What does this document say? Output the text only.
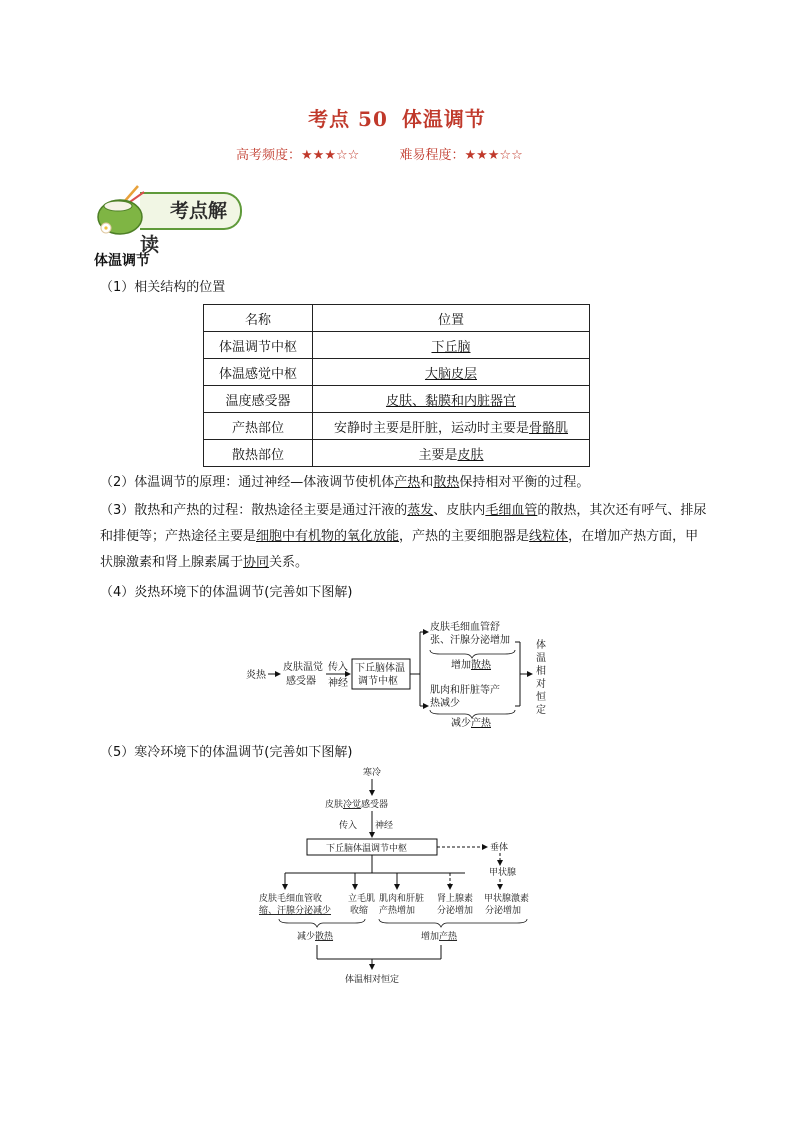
考点 50 体温调节
高考频度：★★★☆☆	难易程度：★★★☆☆
考点解读
体温调节
（1）相关结构的位置
名称	位置
体温调节中枢	下丘脑
体温感觉中枢	大脑皮层
温度感受器	皮肤、黏膜和内脏器官
产热部位	安静时主要是肝脏，运动时主要是骨骼肌
散热部位	主要是皮肤
（2）体温调节的原理：通过神经—体液调节使机体产热和散热保持相对平衡的过程。
（3）散热和产热的过程：散热途径主要是通过汗液的蒸发、皮肤内毛细血管的散热，其次还有呼气、排尿和排便等；产热途径主要是细胞中有机物的氧化放能，产热的主要细胞器是线粒体，在增加产热方面，甲状腺激素和肾上腺素属于协同关系。
（4）炎热环境下的体温调节(完善如下图解)
炎热
皮肤温觉
感受器
传入
神经
下丘脑体温
调节中枢
皮肤毛细血管舒
张、汗腺分泌增加
增加散热
肌肉和肝脏等产
热减少
减少产热
体
温
相
对
恒
定
（5）寒冷环境下的体温调节(完善如下图解)
寒冷
皮肤冷觉感受器
传入 神经
下丘脑体温调节中枢	垂体
甲状腺
皮肤毛细血管收
缩、汗腺分泌减少
立毛肌
收缩
肌肉和肝脏
产热增加
肾上腺素
分泌增加
甲状腺激素
分泌增加
减少散热	增加产热
体温相对恒定
